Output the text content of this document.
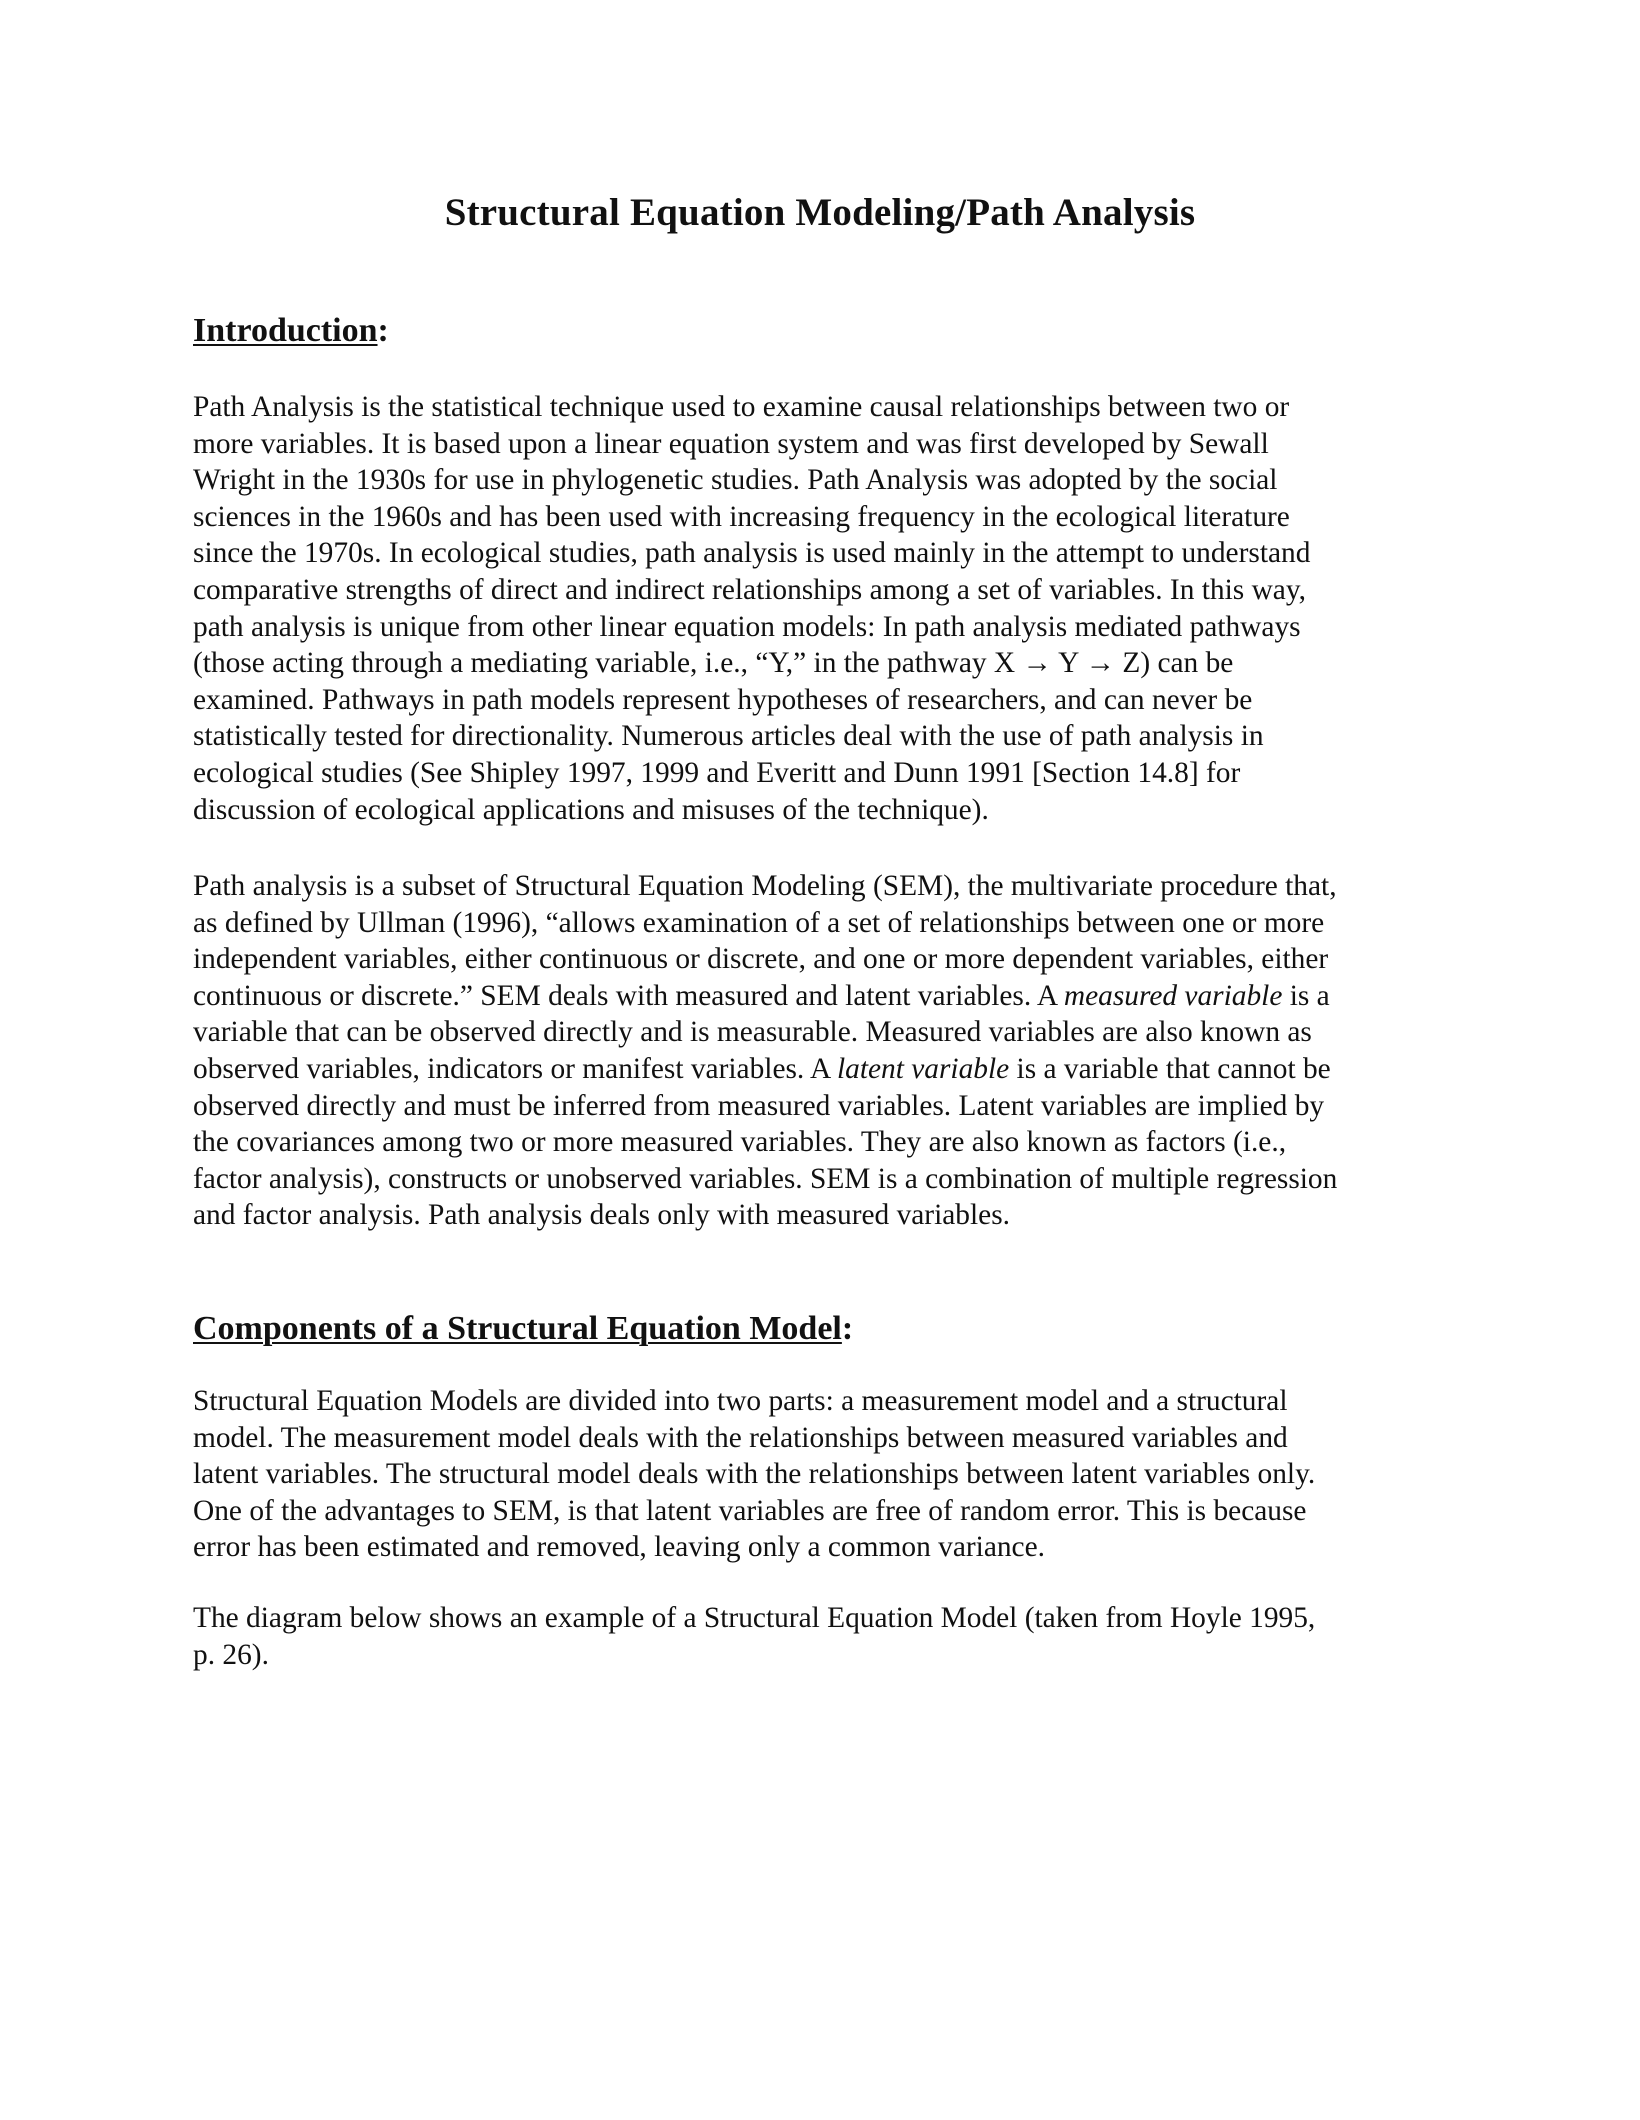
Structural Equation Modeling/Path Analysis
Introduction:

Path Analysis is the statistical technique used to examine causal relationships between two or
more variables. It is based upon a linear equation system and was first developed by Sewall
Wright in the 1930s for use in phylogenetic studies. Path Analysis was adopted by the social
sciences in the 1960s and has been used with increasing frequency in the ecological literature
since the 1970s. In ecological studies, path analysis is used mainly in the attempt to understand
comparative strengths of direct and indirect relationships among a set of variables. In this way,
path analysis is unique from other linear equation models: In path analysis mediated pathways
(those acting through a mediating variable, i.e., “Y,” in the pathway X → Y → Z) can be
examined. Pathways in path models represent hypotheses of researchers, and can never be
statistically tested for directionality. Numerous articles deal with the use of path analysis in
ecological studies (See Shipley 1997, 1999 and Everitt and Dunn 1991 [Section 14.8] for
discussion of ecological applications and misuses of the technique).

Path analysis is a subset of Structural Equation Modeling (SEM), the multivariate procedure that,
as defined by Ullman (1996), “allows examination of a set of relationships between one or more
independent variables, either continuous or discrete, and one or more dependent variables, either
continuous or discrete.” SEM deals with measured and latent variables. A measured variable is a
variable that can be observed directly and is measurable. Measured variables are also known as
observed variables, indicators or manifest variables. A latent variable is a variable that cannot be
observed directly and must be inferred from measured variables. Latent variables are implied by
the covariances among two or more measured variables. They are also known as factors (i.e.,
factor analysis), constructs or unobserved variables. SEM is a combination of multiple regression
and factor analysis. Path analysis deals only with measured variables.

Components of a Structural Equation Model:

Structural Equation Models are divided into two parts: a measurement model and a structural
model. The measurement model deals with the relationships between measured variables and
latent variables. The structural model deals with the relationships between latent variables only.
One of the advantages to SEM, is that latent variables are free of random error. This is because
error has been estimated and removed, leaving only a common variance.

The diagram below shows an example of a Structural Equation Model (taken from Hoyle 1995,
p. 26).
